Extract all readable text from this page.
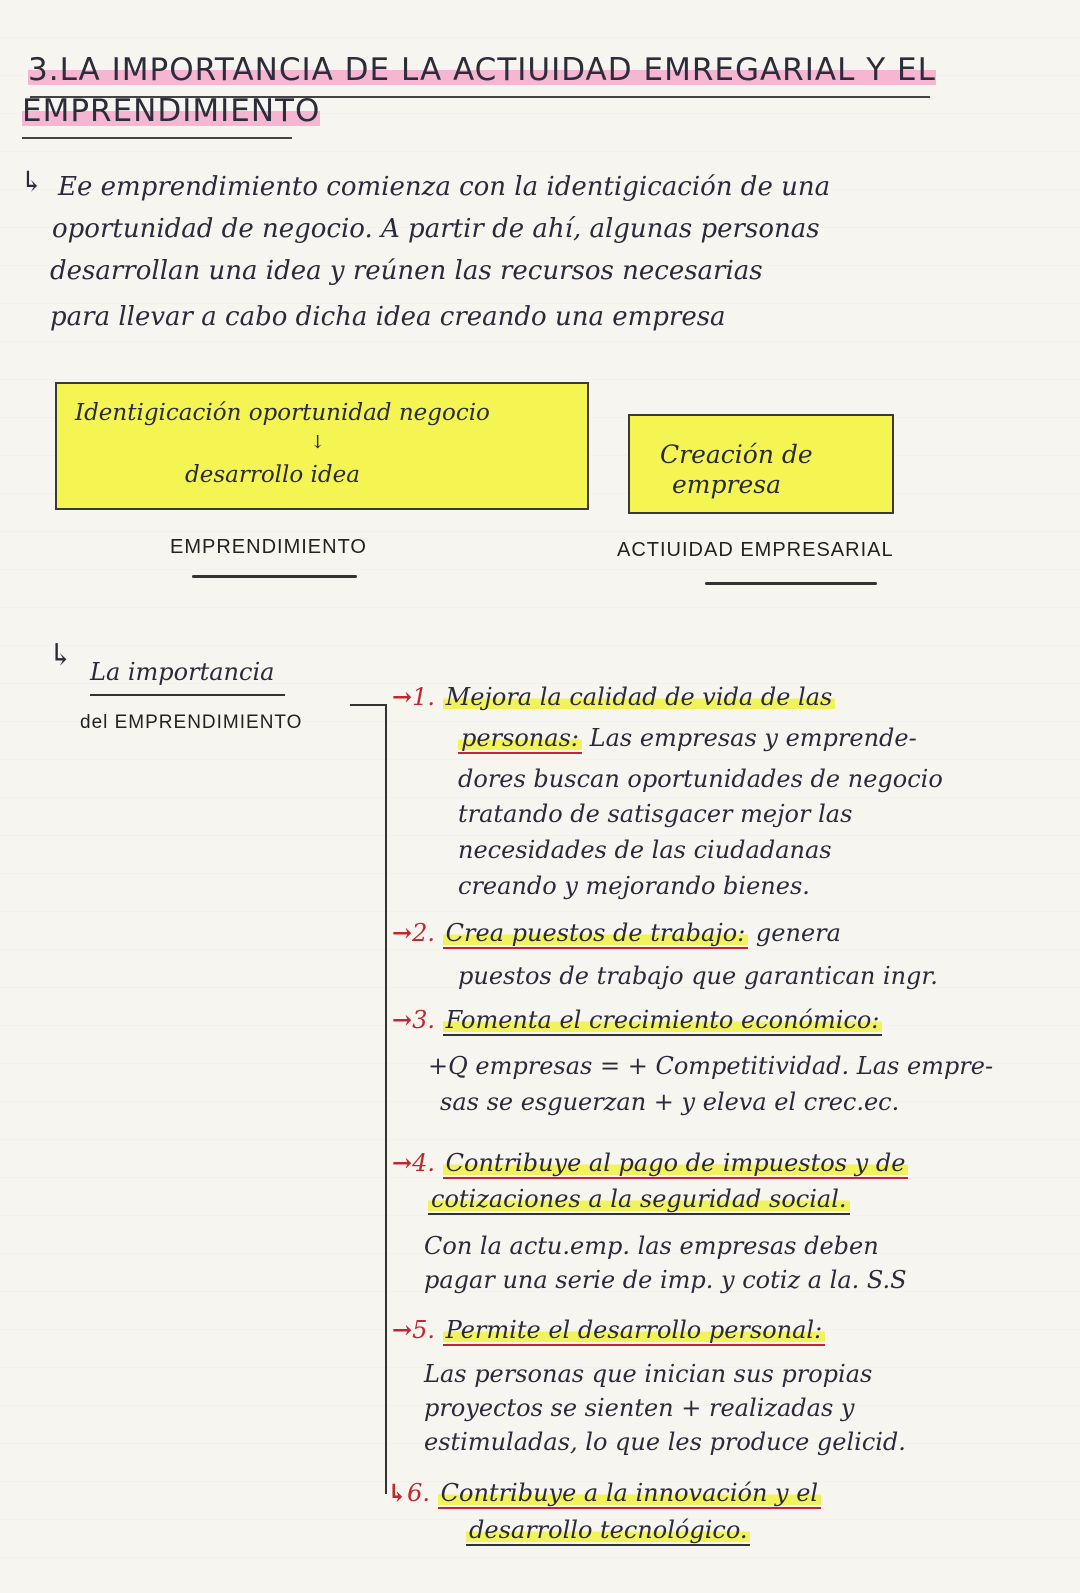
3.LA IMPORTANCIA DE LA ACTIUIDAD EMREGARIAL Y EL
EMPRENDIMIENTO
↳ Ee emprendimiento comienza con la identigicación de una
oportunidad de negocio. A partir de ahí, algunas personas
desarrollan una idea y reúnen las recursos necesarias
para llevar a cabo dicha idea creando una empresa
Identigicación oportunidad negocio
↓
desarrollo idea
EMPRENDIMIENTO
Creación de
empresa
ACTIUIDAD EMPRESARIAL
↳ La importancia
del EMPRENDIMIENTO
→1. Mejora la calidad de vida de las
personas: Las empresas y emprende-
dores buscan oportunidades de negocio
tratando de satisgacer mejor las
necesidades de las ciudadanas
creando y mejorando bienes.
→2. Crea puestos de trabajo: genera
puestos de trabajo que garantican ingr.
→3. Fomenta el crecimiento económico:
+Q empresas = + Competitividad. Las empre-
sas se esguerzan + y eleva el crec.ec.
→4. Contribuye al pago de impuestos y de
cotizaciones a la seguridad social.
Con la actu.emp. las empresas deben
pagar una serie de imp. y cotiz a la. S.S
→5. Permite el desarrollo personal:
Las personas que inician sus propias
proyectos se sienten + realizadas y
estimuladas, lo que les produce gelicid.
↳6. Contribuye a la innovación y el
desarrollo tecnológico.
